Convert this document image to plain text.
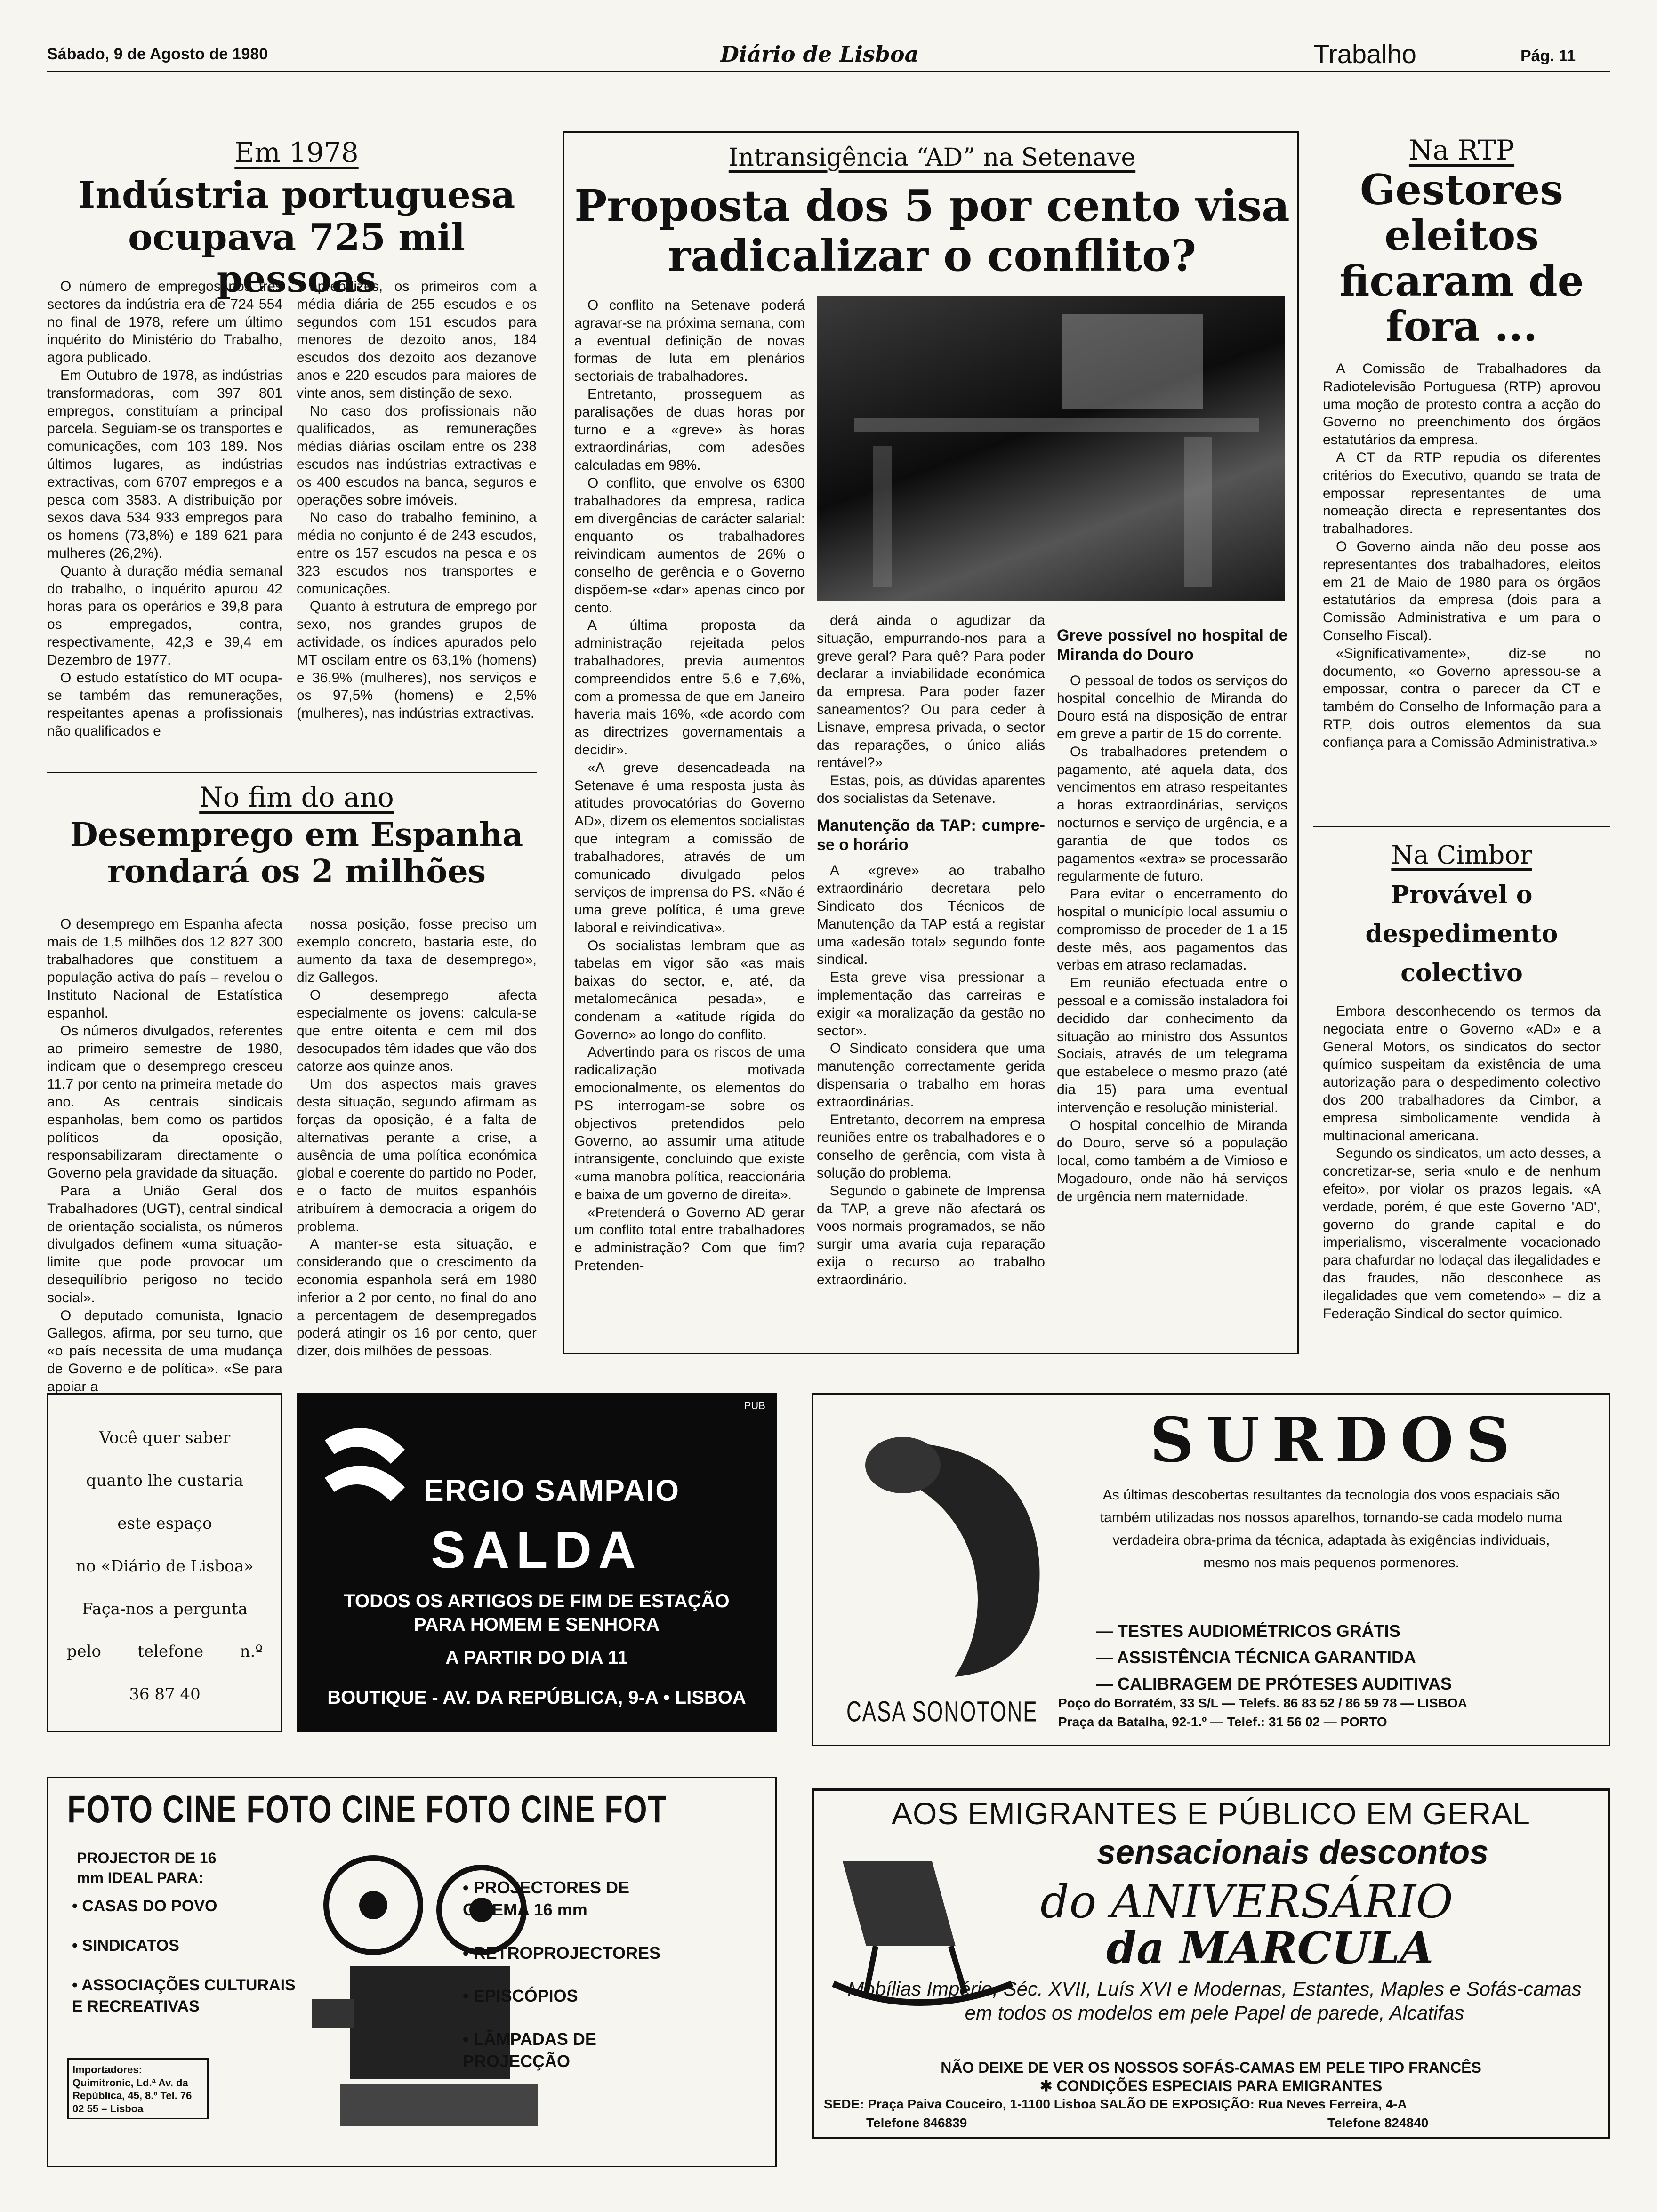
Sábado, 9 de Agosto de 1980	Diário de Lisboa	Trabalho	Pág. 11
Em 1978
Indústria portuguesa ocupava 725 mil pessoas

O número de empregos nos três sectores da indústria era de 724 554 no final de 1978, refere um último inquérito do Ministério do Trabalho, agora publicado.

Em Outubro de 1978, as indústrias transformadoras, com 397 801 empregos, constituíam a principal parcela. Seguiam-se os transportes e comunicações, com 103 189. Nos últimos lugares, as indústrias extractivas, com 6707 empregos e a pesca com 3583. A distribuição por sexos dava 534 933 empregos para os homens (73,8%) e 189 621 para mulheres (26,2%).

Quanto à duração média semanal do trabalho, o inquérito apurou 42 horas para os operários e 39,8 para os empregados, contra, respectivamente, 42,3 e 39,4 em Dezembro de 1977.

O estudo estatístico do MT ocupa-se também das remunerações, respeitantes apenas a profissionais não qualificados e

aprendizes, os primeiros com a média diária de 255 escudos e os segundos com 151 escudos para menores de dezoito anos, 184 escudos dos dezoito aos dezanove anos e 220 escudos para maiores de vinte anos, sem distinção de sexo.

No caso dos profissionais não qualificados, as remunerações médias diárias oscilam entre os 238 escudos nas indústrias extractivas e os 400 escudos na banca, seguros e operações sobre imóveis.

No caso do trabalho feminino, a média no conjunto é de 243 escudos, entre os 157 escudos na pesca e os 323 escudos nos transportes e comunicações.

Quanto à estrutura de emprego por sexo, nos grandes grupos de actividade, os índices apurados pelo MT oscilam entre os 63,1% (homens) e 36,9% (mulheres), nos serviços e os 97,5% (homens) e 2,5% (mulheres), nas indústrias extractivas.

No fim do ano
Desemprego em Espanha rondará os 2 milhões

O desemprego em Espanha afecta mais de 1,5 milhões dos 12 827 300 trabalhadores que constituem a população activa do país – revelou o Instituto Nacional de Estatística espanhol.

Os números divulgados, referentes ao primeiro semestre de 1980, indicam que o desemprego cresceu 11,7 por cento na primeira metade do ano. As centrais sindicais espanholas, bem como os partidos políticos da oposição, responsabilizaram directamente o Governo pela gravidade da situação.

Para a União Geral dos Trabalhadores (UGT), central sindical de orientação socialista, os números divulgados definem «uma situação-limite que pode provocar um desequilíbrio perigoso no tecido social».

O deputado comunista, Ignacio Gallegos, afirma, por seu turno, que «o país necessita de uma mudança de Governo e de política». «Se para apoiar a

nossa posição, fosse preciso um exemplo concreto, bastaria este, do aumento da taxa de desemprego», diz Gallegos.

O desemprego afecta especialmente os jovens: calcula-se que entre oitenta e cem mil dos desocupados têm idades que vão dos catorze aos quinze anos.

Um dos aspectos mais graves desta situação, segundo afirmam as forças da oposição, é a falta de alternativas perante a crise, a ausência de uma política económica global e coerente do partido no Poder, e o facto de muitos espanhóis atribuírem à democracia a origem do problema.

A manter-se esta situação, e considerando que o crescimento da economia espanhola será em 1980 inferior a 2 por cento, no final do ano a percentagem de desempregados poderá atingir os 16 por cento, quer dizer, dois milhões de pessoas.

Intransigência “AD” na Setenave
Proposta dos 5 por cento visa radicalizar o conflito?

O conflito na Setenave poderá agravar-se na próxima semana, com a eventual definição de novas formas de luta em plenários sectoriais de trabalhadores.

Entretanto, prosseguem as paralisações de duas horas por turno e a «greve» às horas extraordinárias, com adesões calculadas em 98%.

O conflito, que envolve os 6300 trabalhadores da empresa, radica em divergências de carácter salarial: enquanto os trabalhadores reivindicam aumentos de 26% o conselho de gerência e o Governo dispõem-se «dar» apenas cinco por cento.

A última proposta da administração rejeitada pelos trabalhadores, previa aumentos compreendidos entre 5,6 e 7,6%, com a promessa de que em Janeiro haveria mais 16%, «de acordo com as directrizes governamentais a decidir».

«A greve desencadeada na Setenave é uma resposta justa às atitudes provocatórias do Governo AD», dizem os elementos socialistas que integram a comissão de trabalhadores, através de um comunicado divulgado pelos serviços de imprensa do PS. «Não é uma greve política, é uma greve laboral e reivindicativa».

Os socialistas lembram que as tabelas em vigor são «as mais baixas do sector, e, até, da metalomecânica pesada», e condenam a «atitude rígida do Governo» ao longo do conflito.

Advertindo para os riscos de uma radicalização motivada emocionalmente, os elementos do PS interrogam-se sobre os objectivos pretendidos pelo Governo, ao assumir uma atitude intransigente, concluindo que existe «uma manobra política, reaccionária e baixa de um governo de direita».

«Pretenderá o Governo AD gerar um conflito total entre trabalhadores e administração? Com que fim? Pretenden-

derá ainda o agudizar da situação, empurrando-nos para a greve geral? Para quê? Para poder declarar a inviabilidade económica da empresa. Para poder fazer saneamentos? Ou para ceder à Lisnave, empresa privada, o sector das reparações, o único aliás rentável?»

Estas, pois, as dúvidas aparentes dos socialistas da Setenave.

Manutenção da TAP: cumpre-se o horário

A «greve» ao trabalho extraordinário decretara pelo Sindicato dos Técnicos de Manutenção da TAP está a registar uma «adesão total» segundo fonte sindical.

Esta greve visa pressionar a implementação das carreiras e exigir «a moralização da gestão no sector».

O Sindicato considera que uma manutenção correctamente gerida dispensaria o trabalho em horas extraordinárias.

Entretanto, decorrem na empresa reuniões entre os trabalhadores e o conselho de gerência, com vista à solução do problema.

Segundo o gabinete de Imprensa da TAP, a greve não afectará os voos normais programados, se não surgir uma avaria cuja reparação exija o recurso ao trabalho extraordinário.

Greve possível no hospital de Miranda do Douro

O pessoal de todos os serviços do hospital concelhio de Miranda do Douro está na disposição de entrar em greve a partir de 15 do corrente.

Os trabalhadores pretendem o pagamento, até aquela data, dos vencimentos em atraso respeitantes a horas extraordinárias, serviços nocturnos e serviço de urgência, e a garantia de que todos os pagamentos «extra» se processarão regularmente de futuro.

Para evitar o encerramento do hospital o município local assumiu o compromisso de proceder de 1 a 15 deste mês, aos pagamentos das verbas em atraso reclamadas.

Em reunião efectuada entre o pessoal e a comissão instaladora foi decidido dar conhecimento da situação ao ministro dos Assuntos Sociais, através de um telegrama que estabelece o mesmo prazo (até dia 15) para uma eventual intervenção e resolução ministerial.

O hospital concelhio de Miranda do Douro, serve só a população local, como também a de Vimioso e Mogadouro, onde não há serviços de urgência nem maternidade.

Na RTP
Gestores eleitos ficaram de fora ...

A Comissão de Trabalhadores da Radiotelevisão Portuguesa (RTP) aprovou uma moção de protesto contra a acção do Governo no preenchimento dos órgãos estatutários da empresa.

A CT da RTP repudia os diferentes critérios do Executivo, quando se trata de empossar representantes de uma nomeação directa e representantes dos trabalhadores.

O Governo ainda não deu posse aos representantes dos trabalhadores, eleitos em 21 de Maio de 1980 para os órgãos estatutários da empresa (dois para a Comissão Administrativa e um para o Conselho Fiscal).

«Significativamente», diz-se no documento, «o Governo apressou-se a empossar, contra o parecer da CT e também do Conselho de Informação para a RTP, dois outros elementos da sua confiança para a Comissão Administrativa.»

Na Cimbor
Provável o despedimento colectivo

Embora desconhecendo os termos da negociata entre o Governo «AD» e a General Motors, os sindicatos do sector químico suspeitam da existência de uma autorização para o despedimento colectivo dos 200 trabalhadores da Cimbor, a empresa simbolicamente vendida à multinacional americana.

Segundo os sindicatos, um acto desses, a concretizar-se, seria «nulo e de nenhum efeito», por violar os prazos legais. «A verdade, porém, é que este Governo 'AD', governo do grande capital e do imperialismo, visceralmente vocacionado para chafurdar no lodaçal das ilegalidades e das fraudes, não desconhece as ilegalidades que vem cometendo» – diz a Federação Sindical do sector químico.

Você quer saber
quanto lhe custaria
este espaço
no «Diário de Lisboa»
Faça-nos a pergunta
pelo telefone n.º
36 87 40
PUB
ERGIO SAMPAIO
SALDA
TODOS OS ARTIGOS DE FIM DE ESTAÇÃO
PARA HOMEM E SENHORA
A PARTIR DO DIA 11
BOUTIQUE - AV. DA REPÚBLICA, 9-A • LISBOA
SURDOS
As últimas descobertas resultantes da tecnologia dos voos espaciais são também utilizadas nos nossos aparelhos, tornando-se cada modelo numa verdadeira obra-prima da técnica, adaptada às exigências individuais, mesmo nos mais pequenos pormenores.
— TESTES AUDIOMÉTRICOS GRÁTIS
— ASSISTÊNCIA TÉCNICA GARANTIDA
— CALIBRAGEM DE PRÓTESES AUDITIVAS
CASA SONOTONE Poço do Borratém, 33 S/L — Telefs. 86 83 52 / 86 59 78 — LISBOA
Praça da Batalha, 92-1.º — Telef.: 31 56 02 — PORTO
FOTO CINE FOTO CINE FOTO CINE FOT
PROJECTOR DE 16 mm IDEAL PARA:
• CASAS DO POVO
• SINDICATOS
• ASSOCIAÇÕES CULTURAIS E RECREATIVAS
Importadores: Quimitronic, Ld.ª Av. da República, 45, 8.º Tel. 76 02 55 – Lisboa
• PROJECTORES DE CINEMA 16 mm
• RETROPROJECTORES
• EPISCÓPIOS
• LÂMPADAS DE PROJECÇÃO
AOS EMIGRANTES E PÚBLICO EM GERAL
sensacionais descontos
do ANIVERSÁRIO
da MARCULA
Mobílias Império, Séc. XVII, Luís XVI e Modernas, Estantes, Maples e Sofás-camas em todos os modelos em pele Papel de parede, Alcatifas
NÃO DEIXE DE VER OS NOSSOS SOFÁS-CAMAS EM PELE TIPO FRANCÊS
✱ CONDIÇÕES ESPECIAIS PARA EMIGRANTES
SEDE: Praça Paiva Couceiro, 1-1100 Lisboa SALÃO DE EXPOSIÇÃO: Rua Neves Ferreira, 4-A
Telefone 846839	Telefone 824840
